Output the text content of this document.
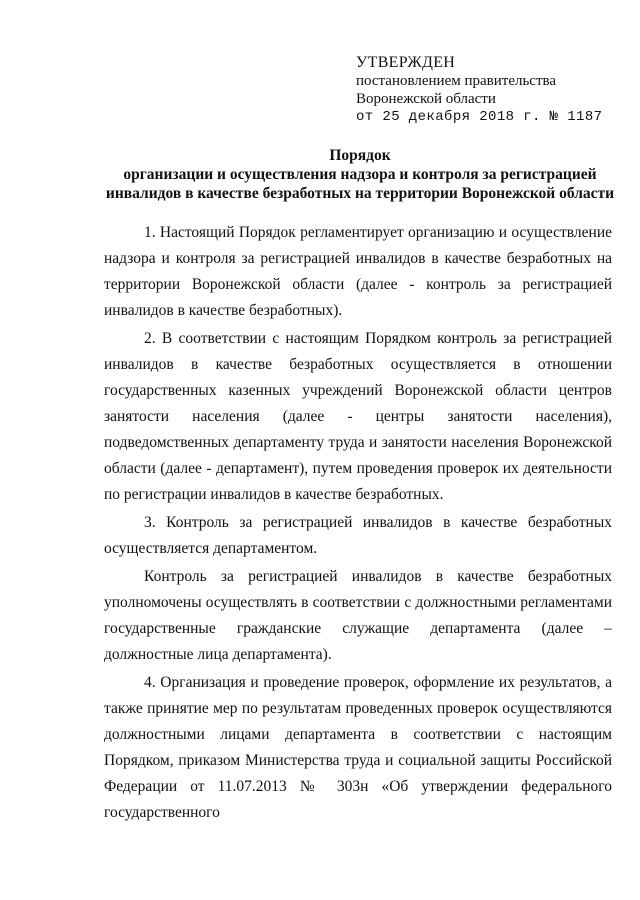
УТВЕРЖДЕН
постановлением правительства
Воронежской области
от 25 декабря 2018 г. № 1187
Порядок
организации и осуществления надзора и контроля за регистрацией
инвалидов в качестве безработных на территории Воронежской области

1. Настоящий Порядок регламентирует организацию и осуществление надзора и контроля за регистрацией инвалидов в качестве безработных на территории Воронежской области (далее - контроль за регистрацией инвалидов в качестве безработных).

2. В соответствии с настоящим Порядком контроль за регистрацией инвалидов в качестве безработных осуществляется в отношении государственных казенных учреждений Воронежской области центров занятости населения (далее - центры занятости населения), подведомственных департаменту труда и занятости населения Воронежской области (далее - департамент), путем проведения проверок их деятельности по регистрации инвалидов в качестве безработных.

3. Контроль за регистрацией инвалидов в качестве безработных осуществляется департаментом.

Контроль за регистрацией инвалидов в качестве безработных уполномочены осуществлять в соответствии с должностными регламентами государственные гражданские служащие департамента (далее – должностные лица департамента).

4. Организация и проведение проверок, оформление их результатов, а также принятие мер по результатам проведенных проверок осуществляются должностными лицами департамента в соответствии с настоящим Порядком, приказом Министерства труда и социальной защиты Российской Федерации от 11.07.2013 № 303н «Об утверждении федерального государственного
